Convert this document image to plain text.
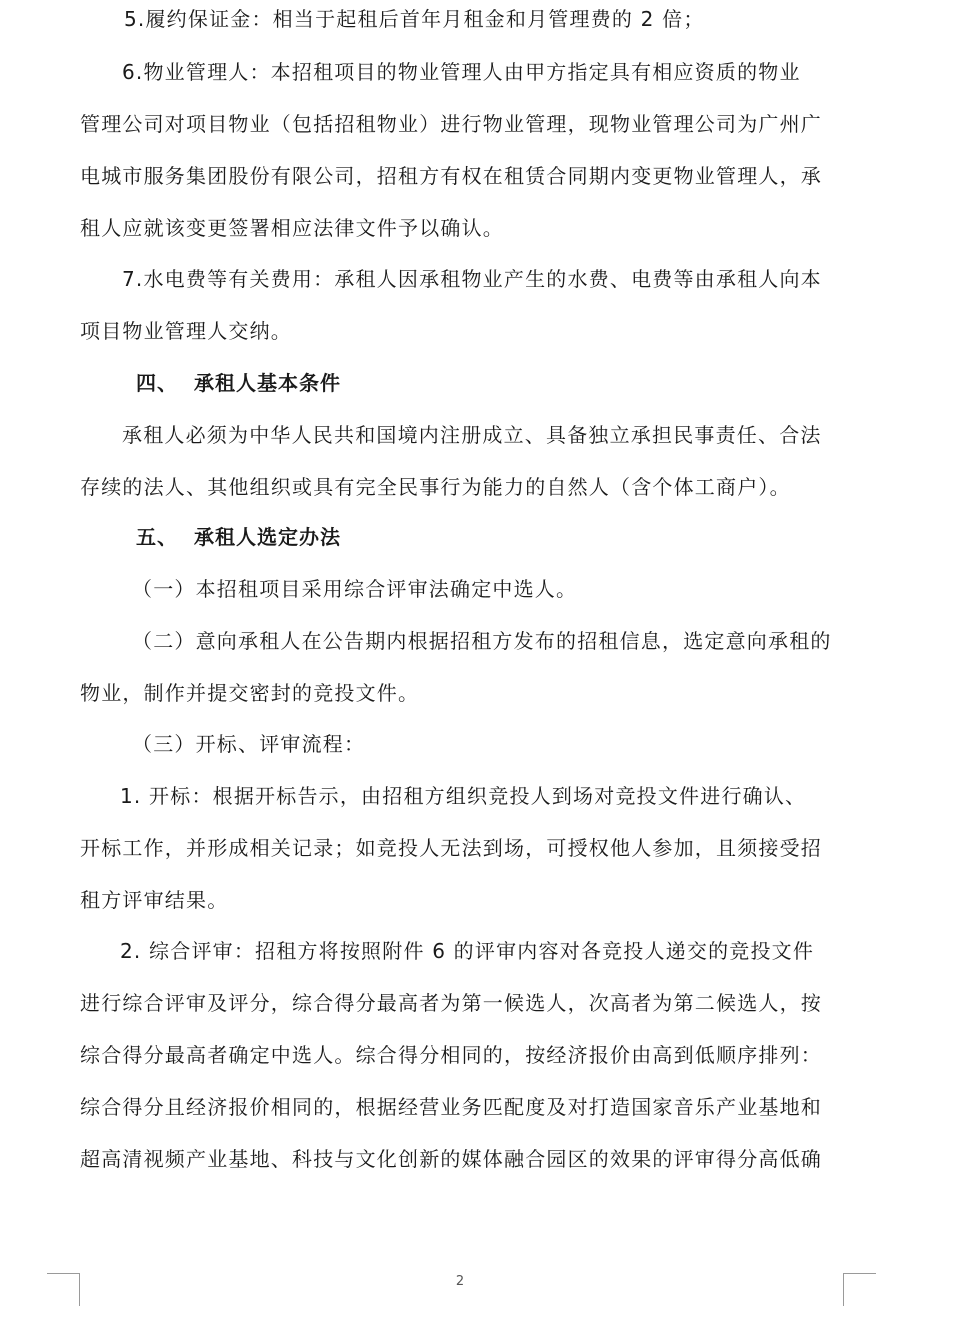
5.履约保证金：相当于起租后首年月租金和月管理费的 2 倍；

6.物业管理人：本招租项目的物业管理人由甲方指定具有相应资质的物业
管理公司对项目物业（包括招租物业）进行物业管理，现物业管理公司为广州广
电城市服务集团股份有限公司，招租方有权在租赁合同期内变更物业管理人，承
租人应就该变更签署相应法律文件予以确认。

7.水电费等有关费用：承租人因承租物业产生的水费、电费等由承租人向本
项目物业管理人交纳。

四、 承租人基本条件

承租人必须为中华人民共和国境内注册成立、具备独立承担民事责任、合法
存续的法人、其他组织或具有完全民事行为能力的自然人（含个体工商户）。

五、 承租人选定办法

（一）本招租项目采用综合评审法确定中选人。

（二）意向承租人在公告期内根据招租方发布的招租信息，选定意向承租的
物业，制作并提交密封的竞投文件。

（三）开标、评审流程：

1. 开标：根据开标告示，由招租方组织竞投人到场对竞投文件进行确认、
开标工作，并形成相关记录；如竞投人无法到场，可授权他人参加，且须接受招
租方评审结果。

2. 综合评审：招租方将按照附件 6 的评审内容对各竞投人递交的竞投文件
进行综合评审及评分，综合得分最高者为第一候选人，次高者为第二候选人，按
综合得分最高者确定中选人。综合得分相同的，按经济报价由高到低顺序排列：
综合得分且经济报价相同的，根据经营业务匹配度及对打造国家音乐产业基地和
超高清视频产业基地、科技与文化创新的媒体融合园区的效果的评审得分高低确

2
